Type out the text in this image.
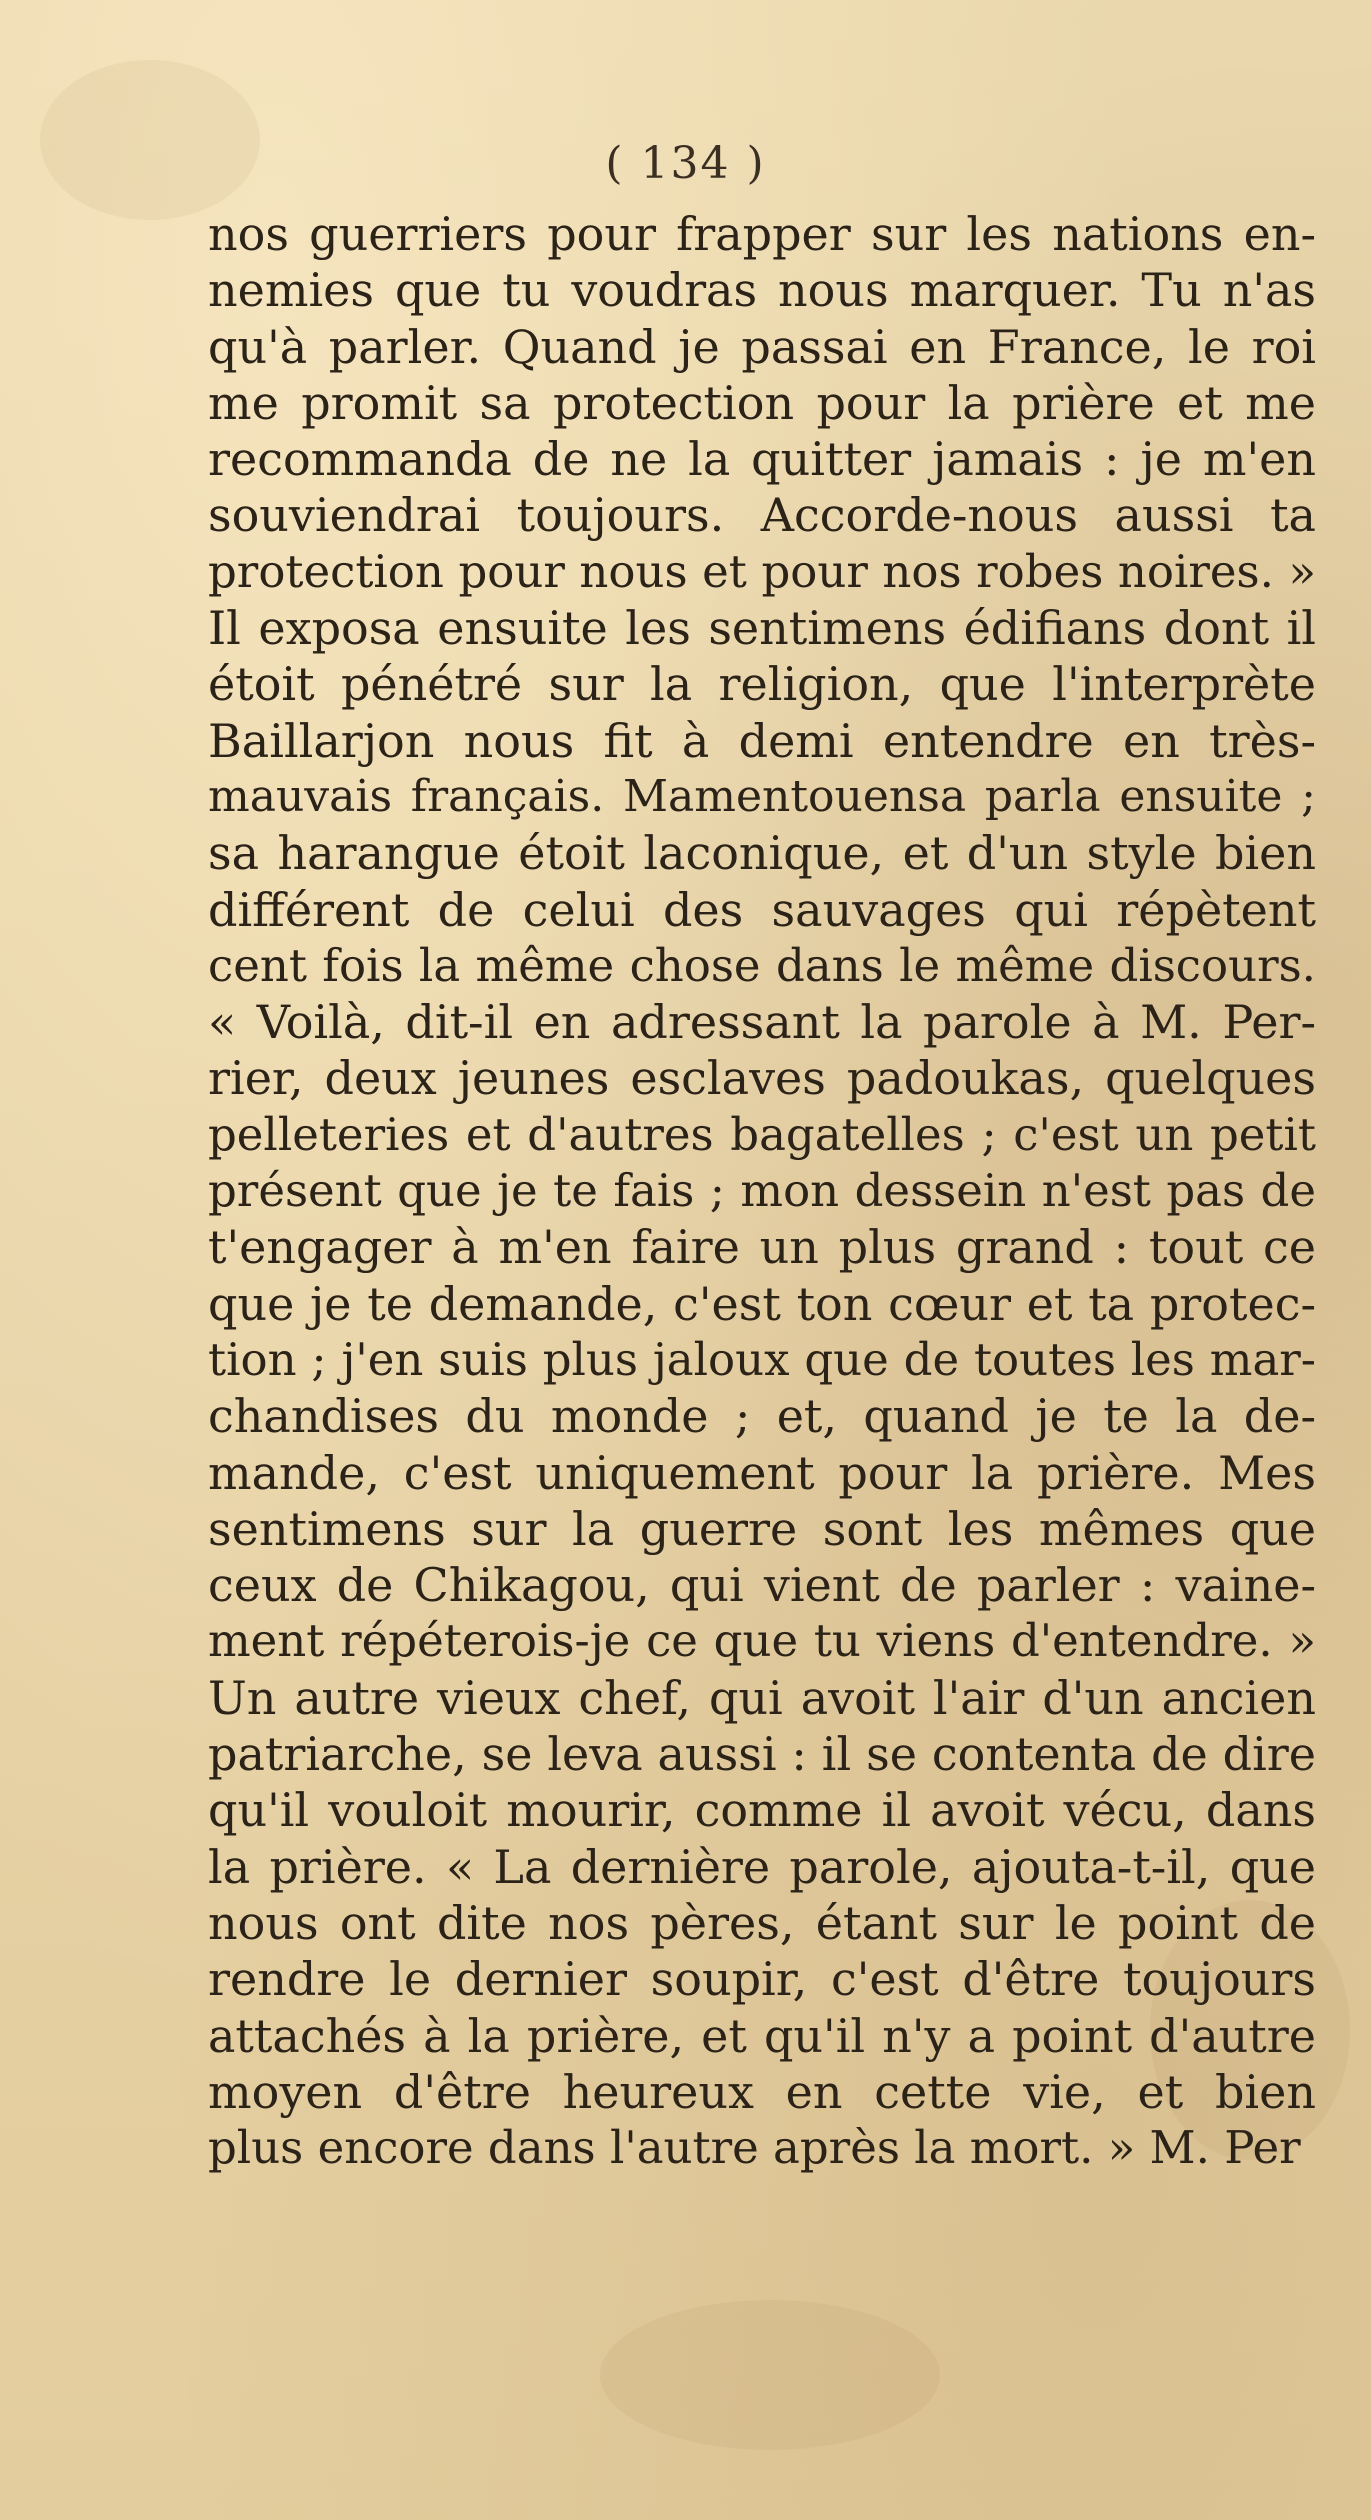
( 134 )
nos guerriers pour frapper sur les nations en-
nemies que tu voudras nous marquer. Tu n'as
qu'à parler. Quand je passai en France, le roi
me promit sa protection pour la prière et me
recommanda de ne la quitter jamais : je m'en
souviendrai toujours. Accorde-nous aussi ta
protection pour nous et pour nos robes noires. »
Il exposa ensuite les sentimens édifians dont il
étoit pénétré sur la religion, que l'interprète
Baillarjon nous fit à demi entendre en très-
mauvais français. Mamentouensa parla ensuite ;
sa harangue étoit laconique, et d'un style bien
différent de celui des sauvages qui répètent
cent fois la même chose dans le même discours.
« Voilà, dit-il en adressant la parole à M. Per-
rier, deux jeunes esclaves padoukas, quelques
pelleteries et d'autres bagatelles ; c'est un petit
présent que je te fais ; mon dessein n'est pas de
t'engager à m'en faire un plus grand : tout ce
que je te demande, c'est ton cœur et ta protec-
tion ; j'en suis plus jaloux que de toutes les mar-
chandises du monde ; et, quand je te la de-
mande, c'est uniquement pour la prière. Mes
sentimens sur la guerre sont les mêmes que
ceux de Chikagou, qui vient de parler : vaine-
ment répéterois-je ce que tu viens d'entendre. »
Un autre vieux chef, qui avoit l'air d'un ancien
patriarche, se leva aussi : il se contenta de dire
qu'il vouloit mourir, comme il avoit vécu, dans
la prière. « La dernière parole, ajouta-t-il, que
nous ont dite nos pères, étant sur le point de
rendre le dernier soupir, c'est d'être toujours
attachés à la prière, et qu'il n'y a point d'autre
moyen d'être heureux en cette vie, et bien
plus encore dans l'autre après la mort. » M. Per
